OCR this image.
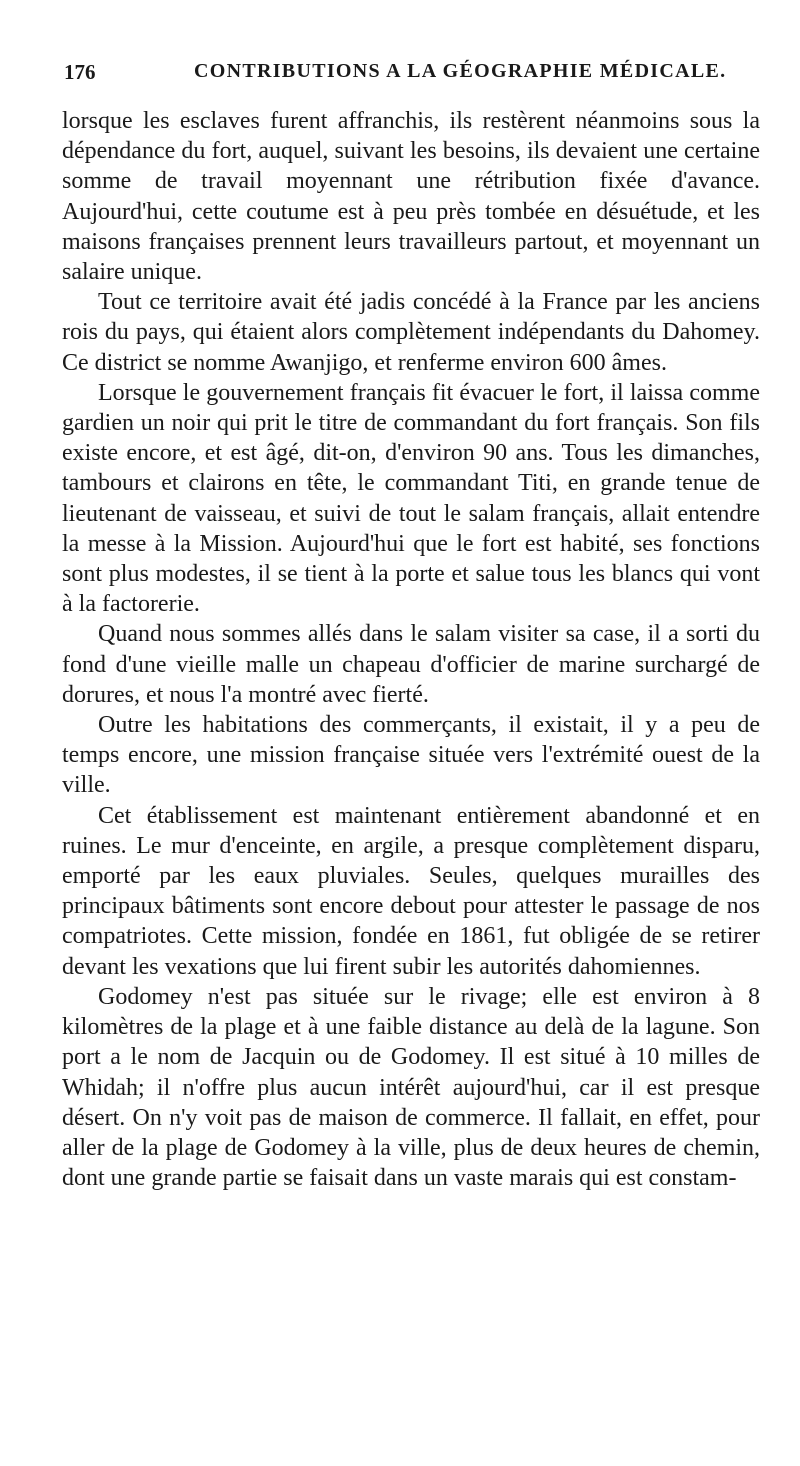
176	CONTRIBUTIONS A LA GÉOGRAPHIE MÉDICALE.

lorsque les esclaves furent affranchis, ils restèrent néanmoins sous la dépendance du fort, auquel, suivant les besoins, ils devaient une certaine somme de travail moyennant une rétribution fixée d'avance. Aujourd'hui, cette coutume est à peu près tombée en désuétude, et les maisons françaises prennent leurs travailleurs partout, et moyennant un salaire unique.

Tout ce territoire avait été jadis concédé à la France par les anciens rois du pays, qui étaient alors complètement indépendants du Dahomey. Ce district se nomme Awanjigo, et renferme environ 600 âmes.

Lorsque le gouvernement français fit évacuer le fort, il laissa comme gardien un noir qui prit le titre de commandant du fort français. Son fils existe encore, et est âgé, dit-on, d'environ 90 ans. Tous les dimanches, tambours et clairons en tête, le commandant Titi, en grande tenue de lieutenant de vaisseau, et suivi de tout le salam français, allait entendre la messe à la Mission. Aujourd'hui que le fort est habité, ses fonctions sont plus modestes, il se tient à la porte et salue tous les blancs qui vont à la factorerie.

Quand nous sommes allés dans le salam visiter sa case, il a sorti du fond d'une vieille malle un chapeau d'officier de marine surchargé de dorures, et nous l'a montré avec fierté.

Outre les habitations des commerçants, il existait, il y a peu de temps encore, une mission française située vers l'extrémité ouest de la ville.

Cet établissement est maintenant entièrement abandonné et en ruines. Le mur d'enceinte, en argile, a presque complètement disparu, emporté par les eaux pluviales. Seules, quelques murailles des principaux bâtiments sont encore debout pour attester le passage de nos compatriotes. Cette mission, fondée en 1861, fut obligée de se retirer devant les vexations que lui firent subir les autorités dahomiennes.

Godomey n'est pas située sur le rivage; elle est environ à 8 kilomètres de la plage et à une faible distance au delà de la lagune. Son port a le nom de Jacquin ou de Godomey. Il est situé à 10 milles de Whidah; il n'offre plus aucun intérêt aujourd'hui, car il est presque désert. On n'y voit pas de maison de commerce. Il fallait, en effet, pour aller de la plage de Godomey à la ville, plus de deux heures de chemin, dont une grande partie se faisait dans un vaste marais qui est constam-
